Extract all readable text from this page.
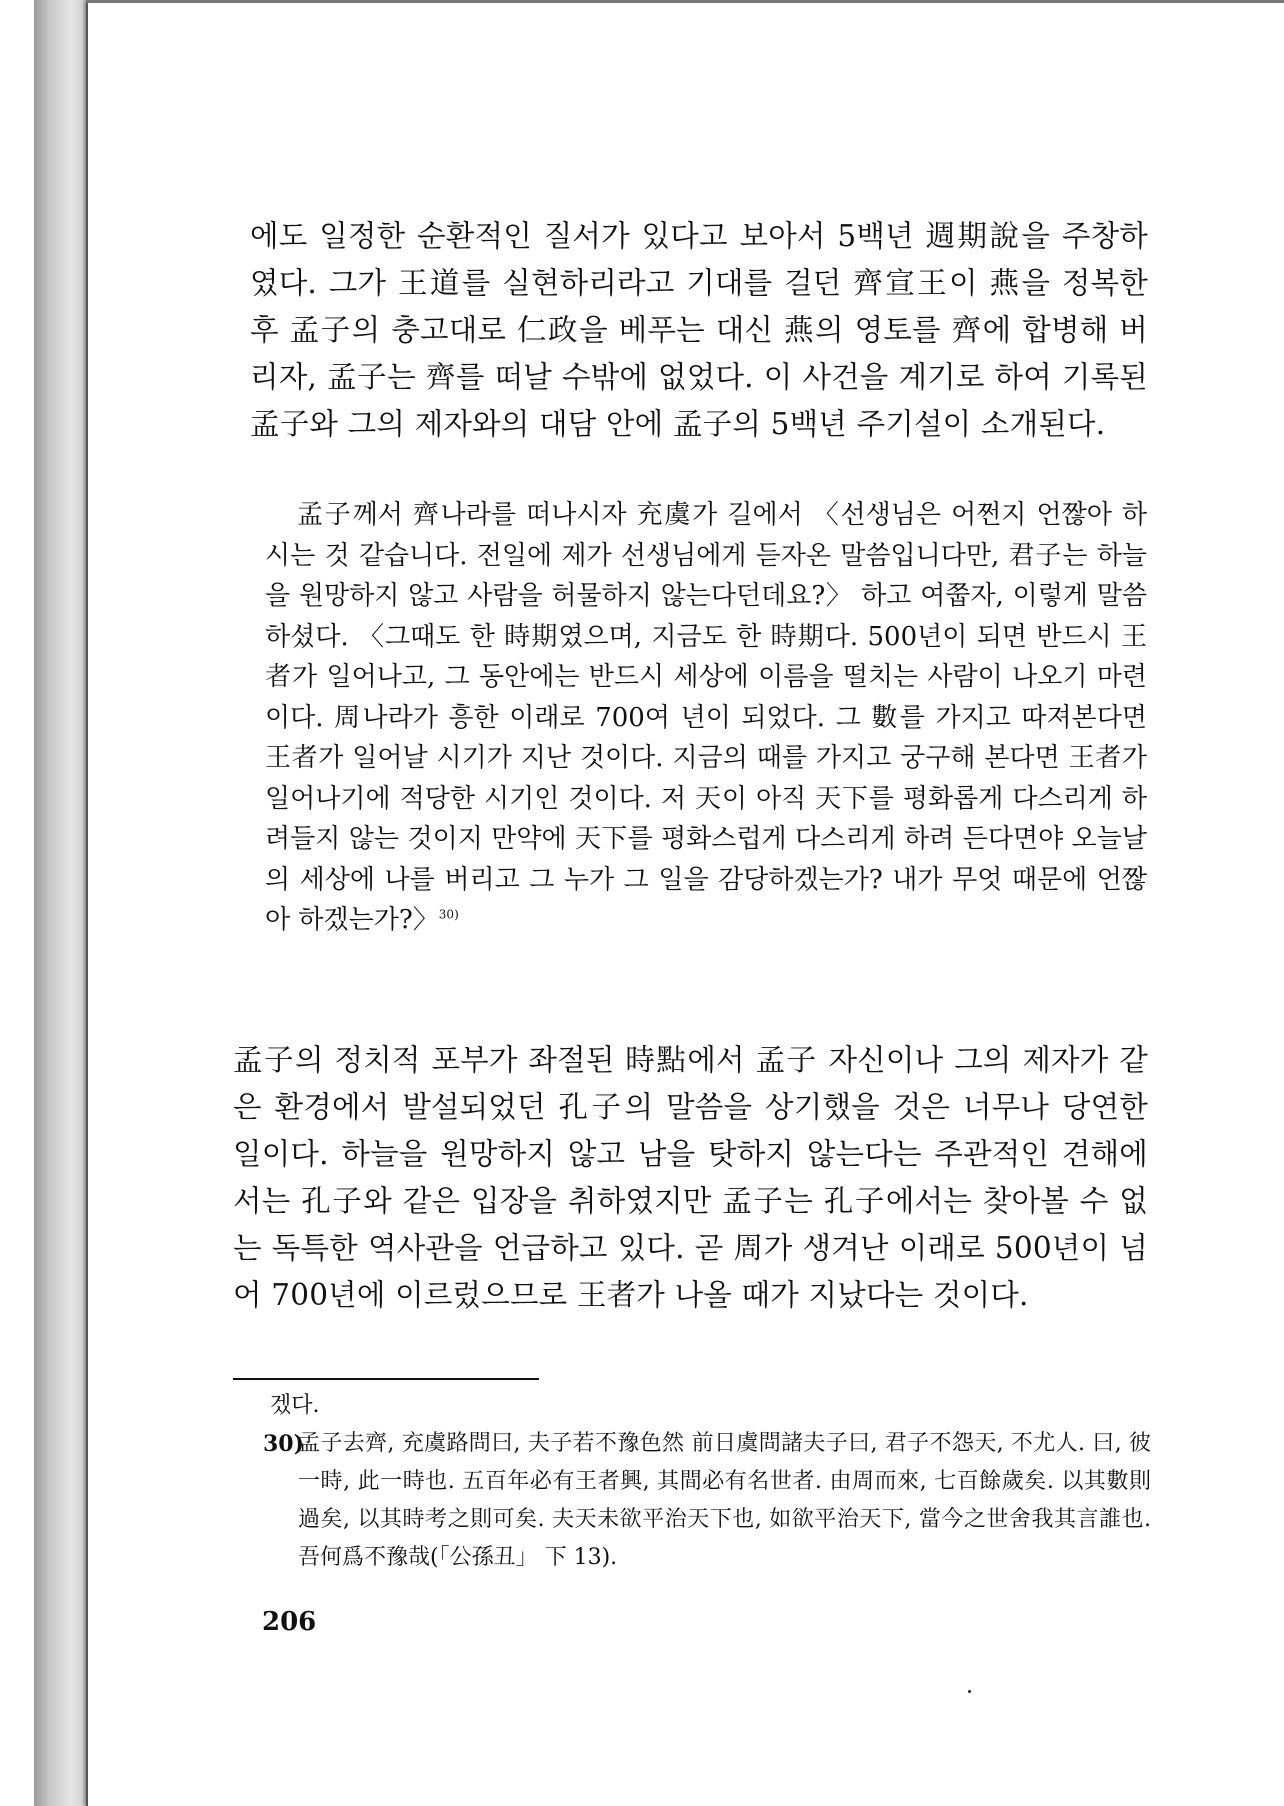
에도 일정한 순환적인 질서가 있다고 보아서 5백년 週期說을 주창하였다. 그가 王道를 실현하리라고 기대를 걸던 齊宣王이 燕을 정복한 후 孟子의 충고대로 仁政을 베푸는 대신 燕의 영토를 齊에 합병해 버리자, 孟子는 齊를 떠날 수밖에 없었다. 이 사건을 계기로 하여 기록된 孟子와 그의 제자와의 대담 안에 孟子의 5백년 주기설이 소개된다.

孟子께서 齊나라를 떠나시자 充虞가 길에서 〈선생님은 어쩐지 언짢아 하시는 것 같습니다. 전일에 제가 선생님에게 듣자온 말씀입니다만, 君子는 하늘을 원망하지 않고 사람을 허물하지 않는다던데요?〉 하고 여쭙자, 이렇게 말씀하셨다. 〈그때도 한 時期였으며, 지금도 한 時期다. 500년이 되면 반드시 王者가 일어나고, 그 동안에는 반드시 세상에 이름을 떨치는 사람이 나오기 마련이다. 周나라가 흥한 이래로 700여 년이 되었다. 그 數를 가지고 따져본다면 王者가 일어날 시기가 지난 것이다. 지금의 때를 가지고 궁구해 본다면 王者가 일어나기에 적당한 시기인 것이다. 저 天이 아직 天下를 평화롭게 다스리게 하려들지 않는 것이지 만약에 天下를 평화스럽게 다스리게 하려 든다면야 오늘날의 세상에 나를 버리고 그 누가 그 일을 감당하겠는가? 내가 무엇 때문에 언짢아 하겠는가?〉$^{30)}$

孟子의 정치적 포부가 좌절된 時點에서 孟子 자신이나 그의 제자가 같은 환경에서 발설되었던 孔子의 말씀을 상기했을 것은 너무나 당연한 일이다. 하늘을 원망하지 않고 남을 탓하지 않는다는 주관적인 견해에서는 孔子와 같은 입장을 취하였지만 孟子는 孔子에서는 찾아볼 수 없는 독특한 역사관을 언급하고 있다. 곧 周가 생겨난 이래로 500년이 넘어 700년에 이르렀으므로 王者가 나올 때가 지났다는 것이다.

겠다.
30)
孟子去齊, 充虞路問曰, 夫子若不豫色然 前日虞問諸夫子曰, 君子不怨天, 不尤人. 曰, 彼一時, 此一時也. 五百年必有王者興, 其間必有名世者. 由周而來, 七百餘歲矣. 以其數則過矣, 以其時考之則可矣. 夫天未欲平治天下也, 如欲平治天下, 當今之世舍我其言誰也. 吾何爲不豫哉(「公孫丑」 下 13).
206
